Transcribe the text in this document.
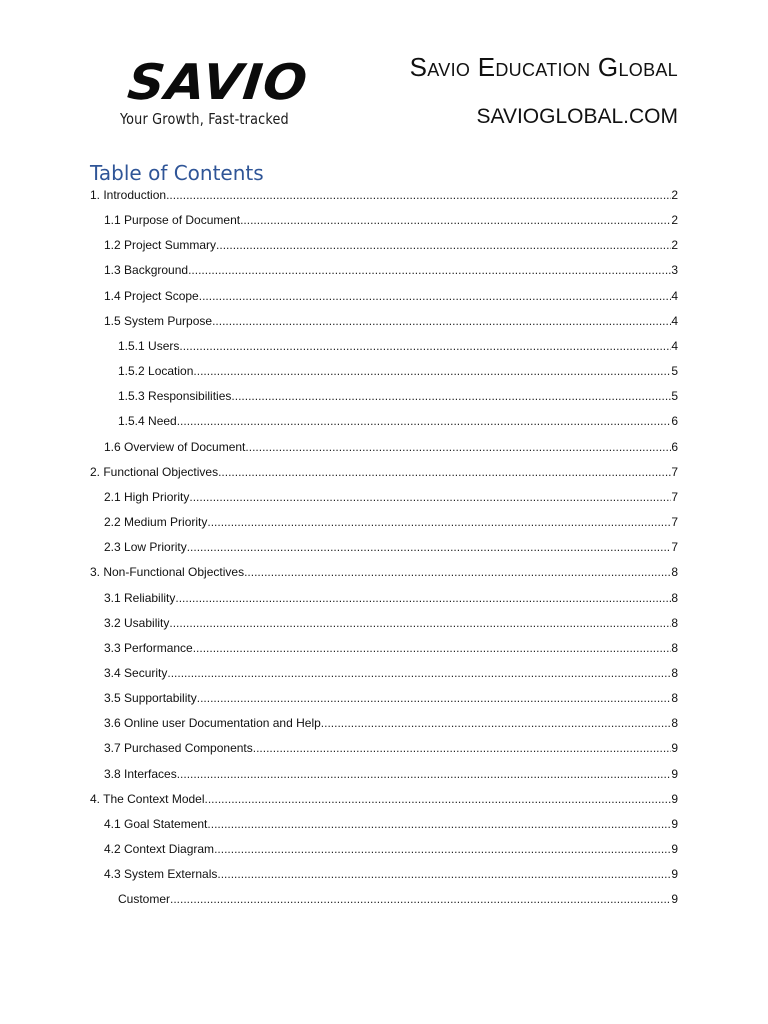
SAVIO
Your Growth, Fast-tracked
Savio Education Global
SAVIOGLOBAL.COM
Table of Contents
1. Introduction .....	2
1.1 Purpose of Document .....	2
1.2 Project Summary .....	2
1.3 Background .....	3
1.4 Project Scope .....	4
1.5 System Purpose .....	4
1.5.1 Users .....	4
1.5.2 Location .....	5
1.5.3 Responsibilities .....	5
1.5.4 Need .....	6
1.6 Overview of Document .....	6
2. Functional Objectives .....	7
2.1 High Priority .....	7
2.2 Medium Priority .....	7
2.3 Low Priority .....	7
3. Non-Functional Objectives .....	8
3.1 Reliability .....	8
3.2 Usability .....	8
3.3 Performance .....	8
3.4 Security .....	8
3.5 Supportability .....	8
3.6 Online user Documentation and Help .....	8
3.7 Purchased Components .....	9
3.8 Interfaces .....	9
4. The Context Model .....	9
4.1 Goal Statement .....	9
4.2 Context Diagram .....	9
4.3 System Externals .....	9
Customer .....	9
